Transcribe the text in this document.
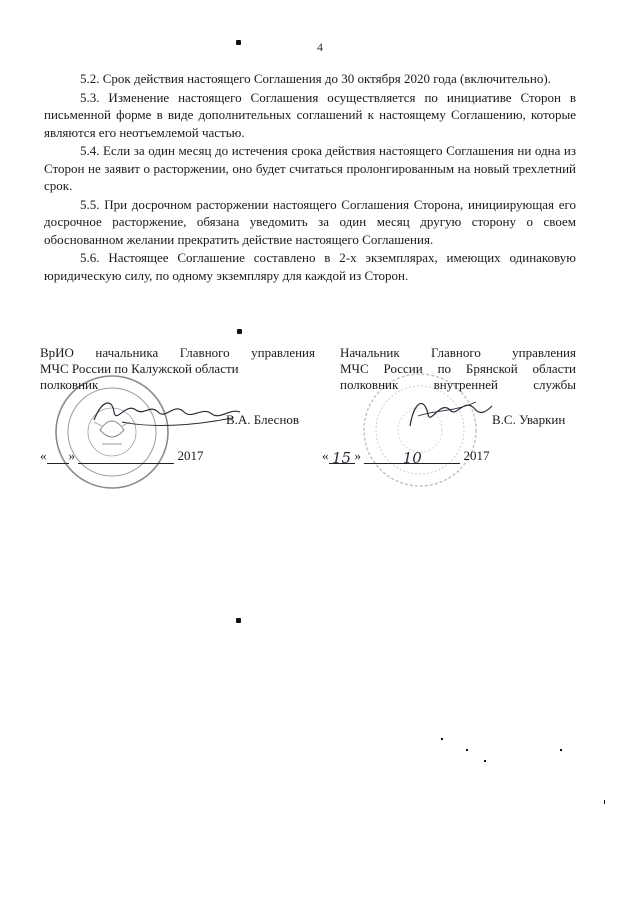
4

5.2. Срок действия настоящего Соглашения до 30 октября 2020 года (включительно).

5.3. Изменение настоящего Соглашения осуществляется по инициативе Сторон в письменной форме в виде дополнительных соглашений к настоящему Соглашению, которые являются его неотъемлемой частью.

5.4. Если за один месяц до истечения срока действия настоящего Соглашения ни одна из Сторон не заявит о расторжении, оно будет считаться пролонгированным на новый трехлетний срок.

5.5. При досрочном расторжении настоящего Соглашения Сторона, инициирующая его досрочное расторжение, обязана уведомить за один месяц другую сторону о своем обоснованном желании прекратить действие настоящего Соглашения.

5.6. Настоящее Соглашение составлено в 2-х экземплярах, имеющих одинаковую юридическую силу, по одному экземпляру для каждой из Сторон.

ВрИО начальника Главного управления
МЧС России по Калужской области
полковник
Начальник Главного управления
МЧС России по Брянской области
полковник внутренней службы
В.А. Блеснов	В.С. Уваркин
« »	2017	« 15 »	10	2017
